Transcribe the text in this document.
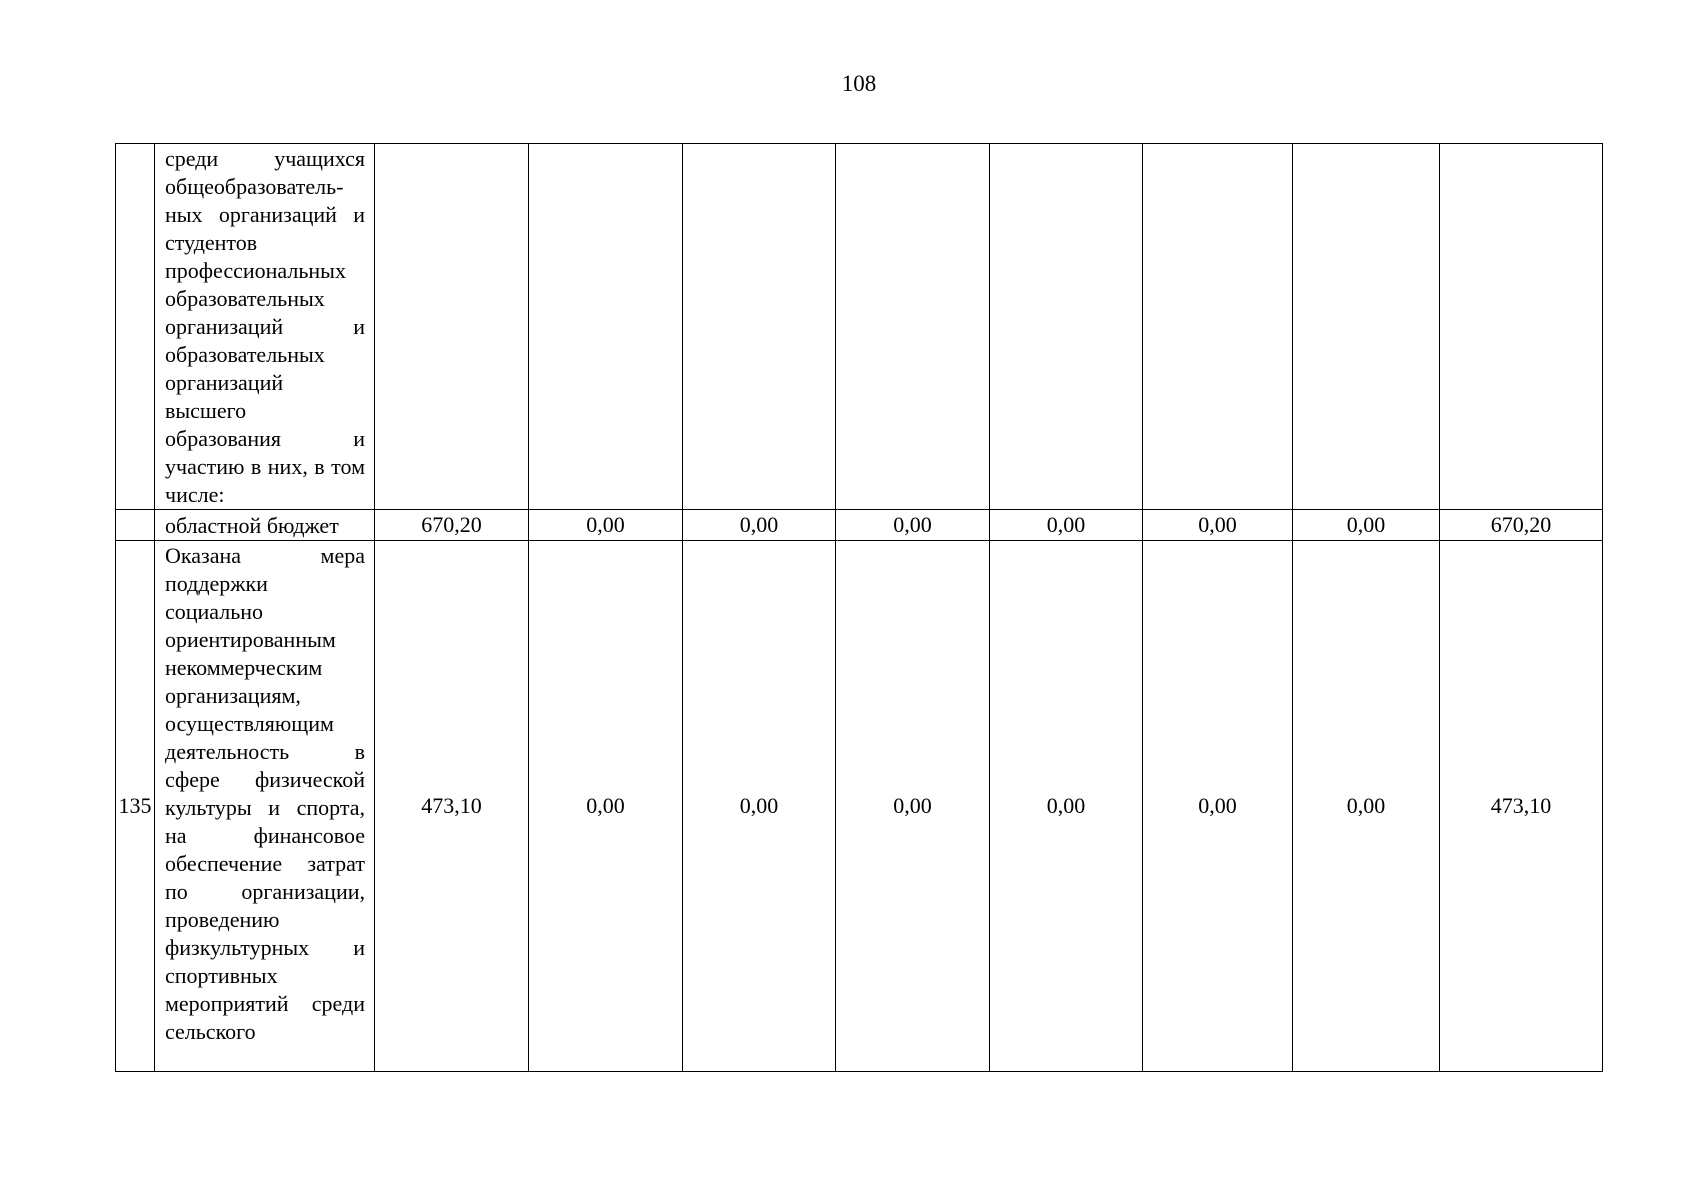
108
	среди учащихся общеобразователь-ных организаций и студентов профессиональных образовательных организаций и образовательных организаций высшего образования и участию в них, в том числе:								
	областной бюджет	670,20	0,00	0,00	0,00	0,00	0,00	0,00	670,20
135	Оказана мера поддержки социально ориентированным некоммерческим организациям, осуществляющим деятельность в сфере физической культуры и спорта, на финансовое обеспечение затрат по организации, проведению физкультурных и спортивных мероприятий среди сельского	473,10	0,00	0,00	0,00	0,00	0,00	0,00	473,10
